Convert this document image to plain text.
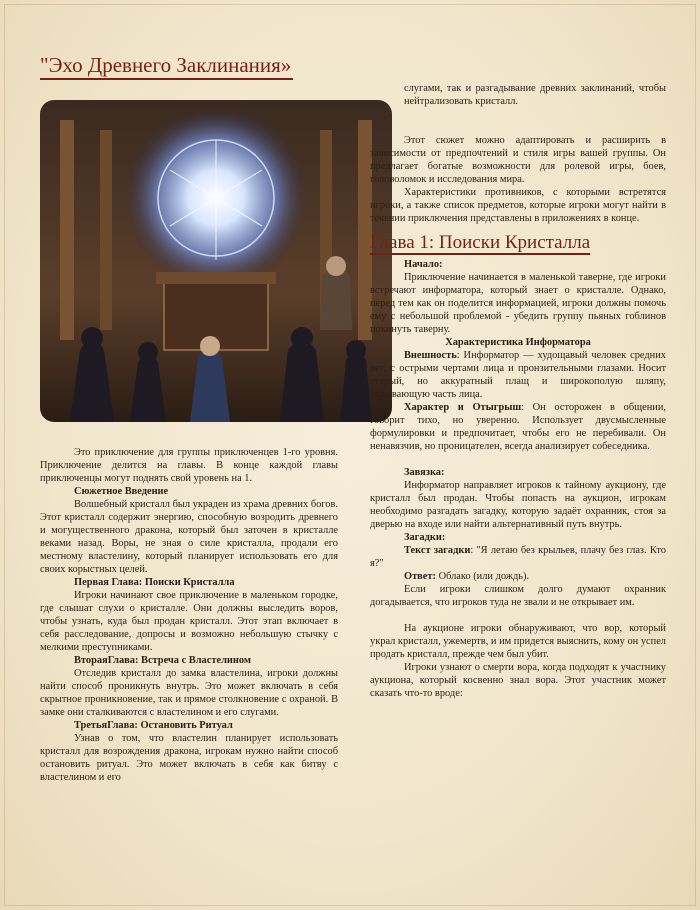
"Эхо Древнего Заклинания»

Это приключение для группы приключенцев 1-го уровня. Приключение делится на главы. В конце каждой главы приключенцы могут поднять свой уровень на 1.

Сюжетное Введение

Волшебный кристалл был украден из храма древних богов. Этот кристалл содержит энергию, способную возродить древнего и могущественного дракона, который был заточен в кристалле веками назад. Воры, не зная о силе кристалла, продали его местному властелину, который планирует использовать его для своих корыстных целей.

Первая Глава: Поиски Кристалла

Игроки начинают свое приключение в маленьком городке, где слышат слухи о кристалле. Они должны выследить воров, чтобы узнать, куда был продан кристалл. Этот этап включает в себя расследование, допросы и возможно небольшую стычку с мелкими преступниками.

ВтораяГлава: Встреча с Властелином

Отследив кристалл до замка властелина, игроки должны найти способ проникнуть внутрь. Это может включать в себя скрытное проникновение, так и прямое столкновение с охраной. В замке они сталкиваются с властелином и его слугами.

ТретьяГлава: Остановить Ритуал

Узнав о том, что властелин планирует использовать кристалл для возрождения дракона, игрокам нужно найти способ остановить ритуал. Это может включать в себя как битву с властелином и его

слугами, так и разгадывание древних заклинаний, чтобы нейтрализовать кристалл.

Этот сюжет можно адаптировать и расширить в зависимости от предпочтений и стиля игры вашей группы. Он предлагает богатые возможности для ролевой игры, боев, головоломок и исследования мира.

Характеристики противников, с которыми встретятся игроки, а также список предметов, которые игроки могут найти в течении приключения представлены в приложениях в конце.

Глава 1: Поиски Кристалла

Начало:

Приключение начинается в маленькой таверне, где игроки встречают информатора, который знает о кристалле. Однако, перед тем как он поделится информацией, игроки должны помочь ему с небольшой проблемой - убедить группу пьяных гоблинов покинуть таверну.

Характеристика Информатора

Внешность: Информатор — худощавый человек средних лет, с острыми чертами лица и пронзительными глазами. Носит старый, но аккуратный плащ и широкополую шляпу, скрывающую часть лица.

Характер и Отыгрыш: Он осторожен в общении, говорит тихо, но уверенно. Использует двусмысленные формулировки и предпочитает, чтобы его не перебивали. Он ненавязчив, но проницателен, всегда анализирует собеседника.

Завязка:

Информатор направляет игроков к тайному аукциону, где кристалл был продан. Чтобы попасть на аукцион, игрокам необходимо разгадать загадку, которую задаёт охранник, стоя за дверью на входе или найти альтернативный путь внутрь.

Загадки:

Текст загадки: "Я летаю без крыльев, плачу без глаз. Кто я?"

Ответ: Облако (или дождь).

Если игроки слишком долго думают охранник догадывается, что игроков туда не звали и не открывает им.

На аукционе игроки обнаруживают, что вор, который украл кристалл, ужемертв, и им придется выяснить, кому он успел продать кристалл, прежде чем был убит.

Игроки узнают о смерти вора, когда подходят к участнику аукциона, который косвенно знал вора. Этот участник может сказать что-то вроде:
